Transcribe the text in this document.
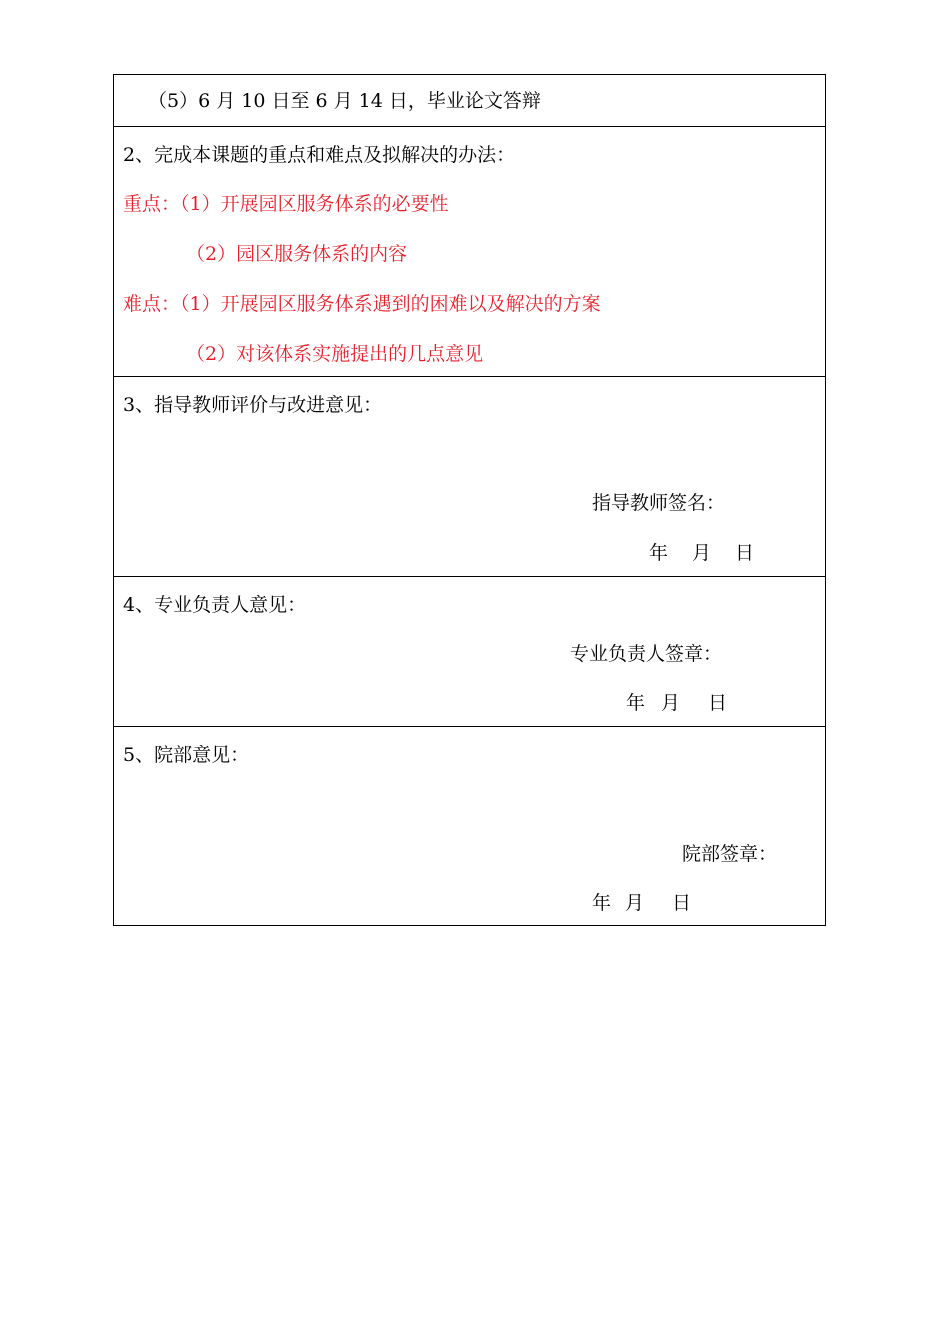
（5）6 月 10 日至 6 月 14 日，毕业论文答辩
2、完成本课题的重点和难点及拟解决的办法：
重点：（1）开展园区服务体系的必要性
（2）园区服务体系的内容
难点：（1）开展园区服务体系遇到的困难以及解决的方案
（2）对该体系实施提出的几点意见
3、指导教师评价与改进意见：
指导教师签名：
年 月 日
4、专业负责人意见：
专业负责人签章：
年 月 日
5、院部意见：
院部签章：
年 月 日
